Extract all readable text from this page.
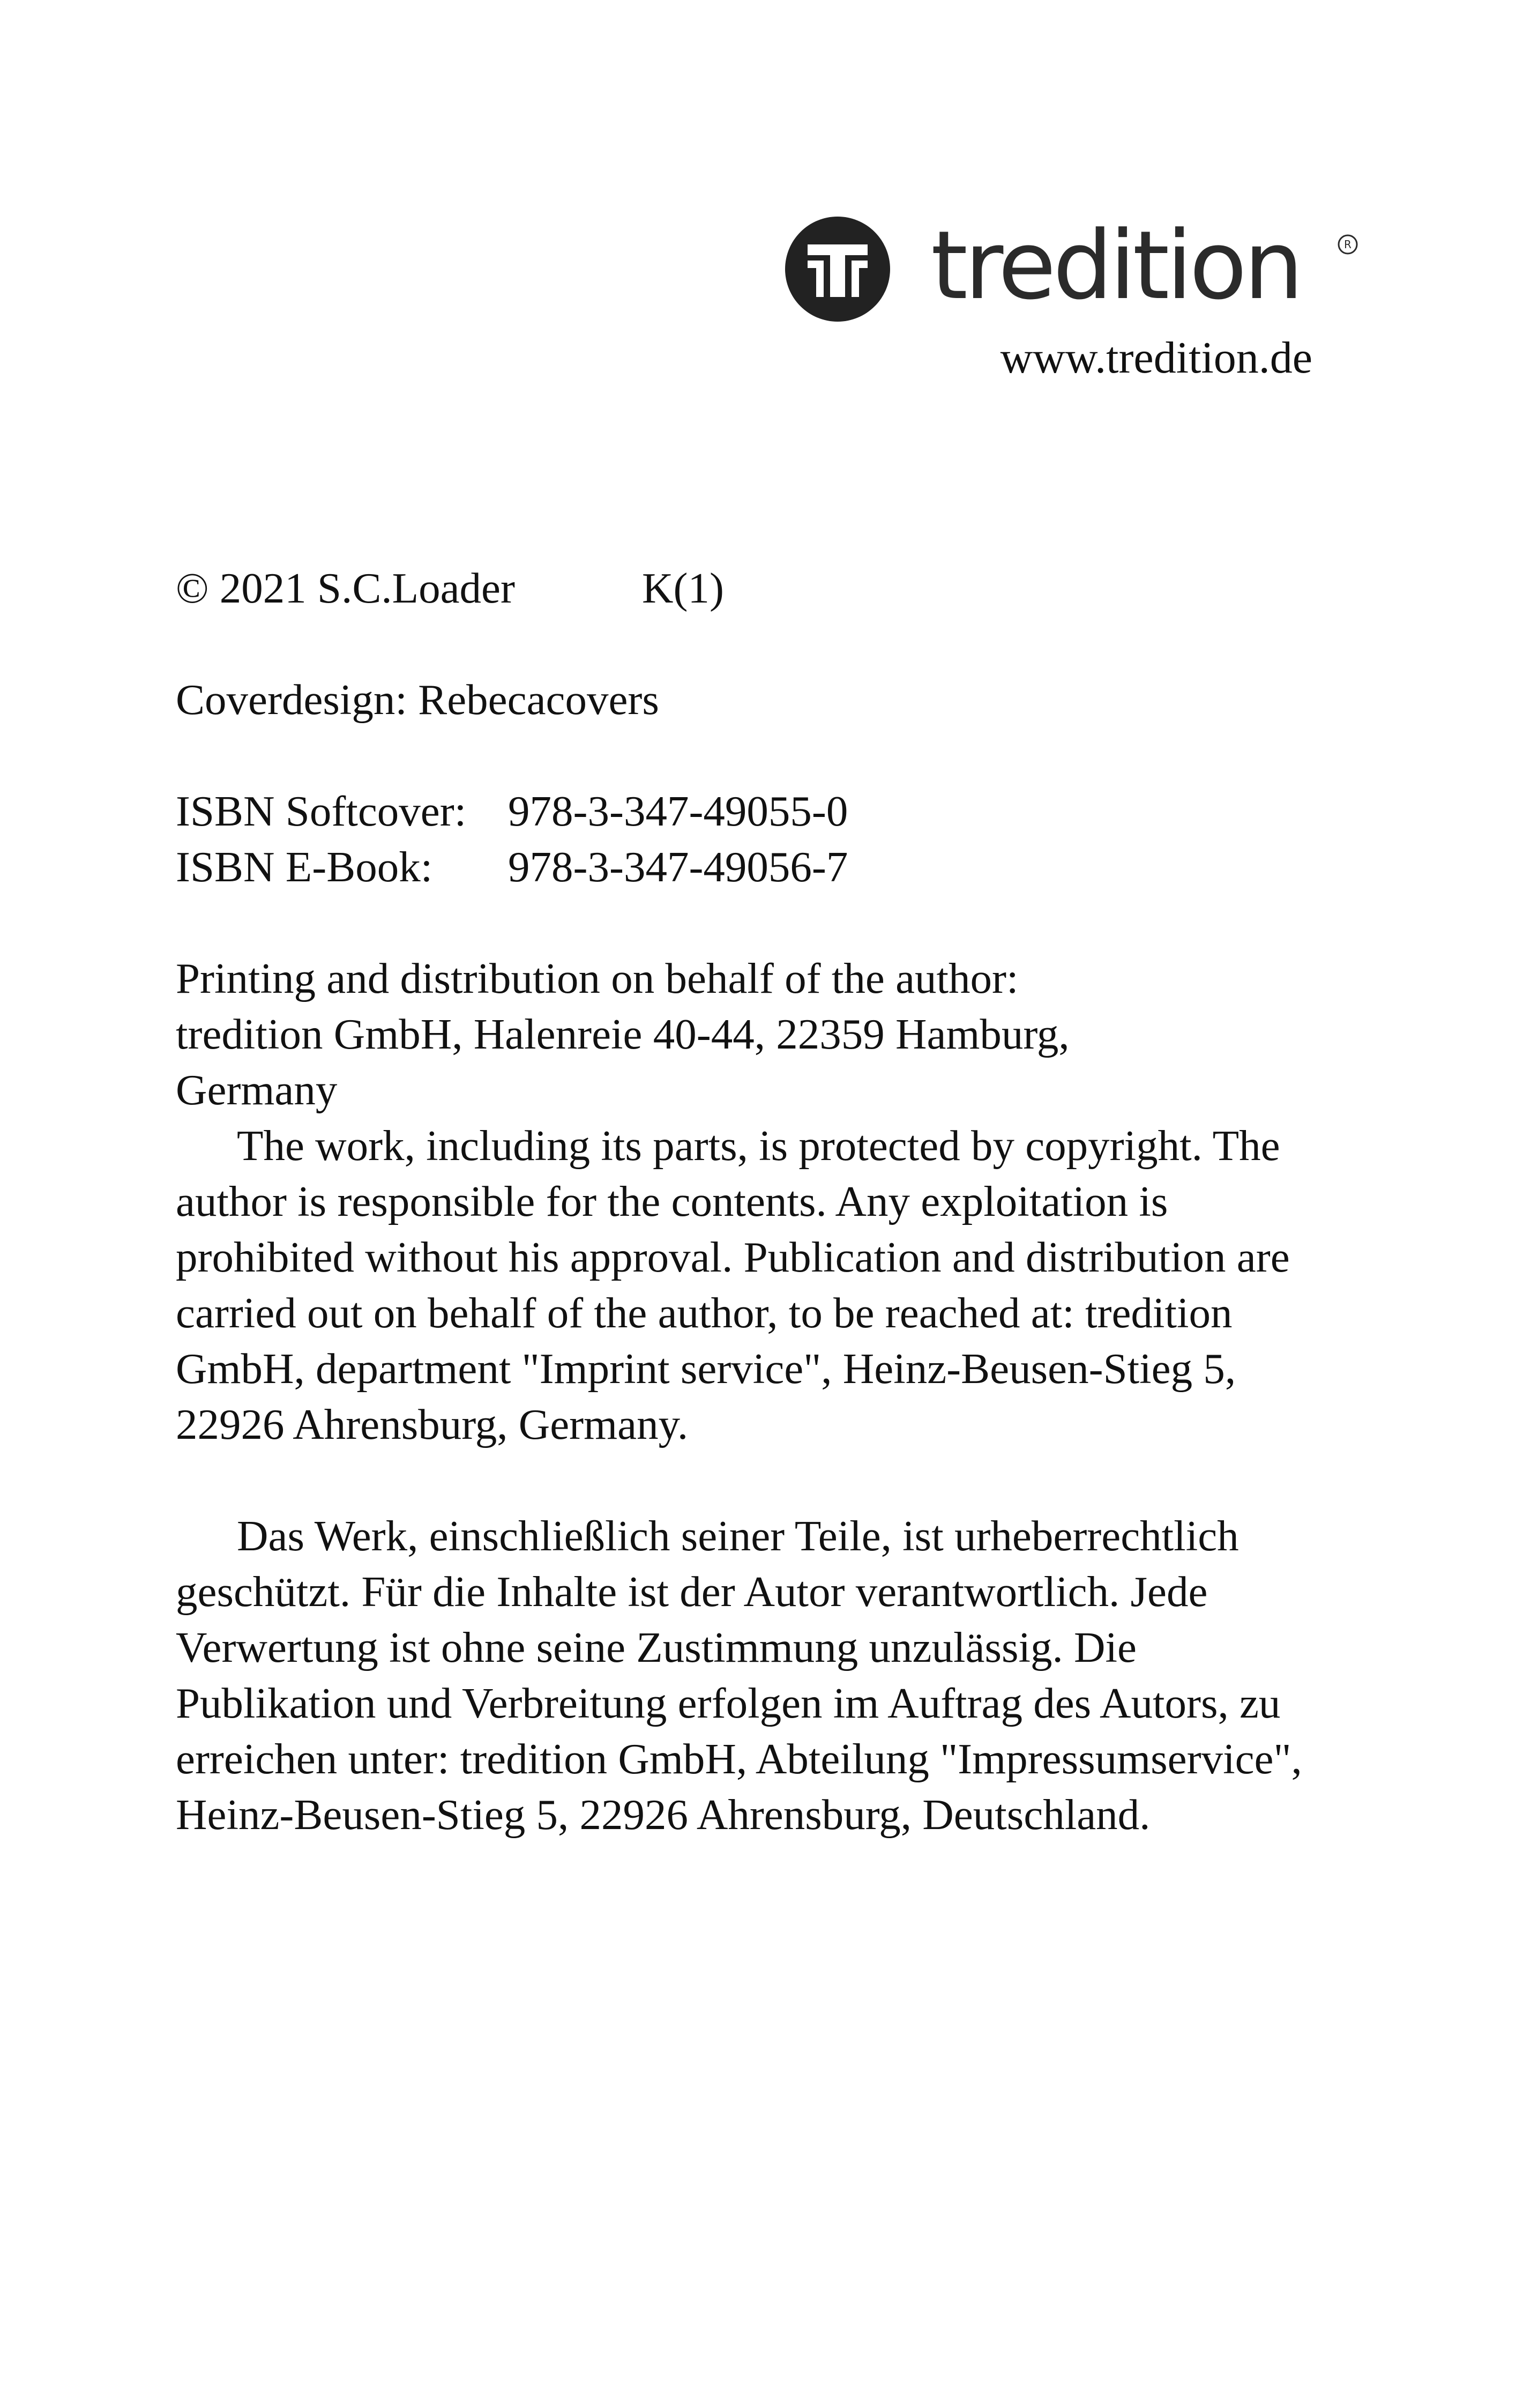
tredition	R
www.tredition.de
© 2021 S.C.Loader	K(1)
Coverdesign: Rebecacovers
ISBN Softcover: 978-3-347-49055-0
ISBN E-Book: 978-3-347-49056-7
Printing and distribution on behalf of the author:
tredition GmbH, Halenreie 40-44, 22359 Hamburg,
Germany
The work, including its parts, is protected by copyright. The author is responsible for the contents. Any exploitation is prohibited without his approval. Publication and distribution are carried out on behalf of the author, to be reached at: tredition GmbH, department "Imprint service", Heinz-Beusen-Stieg 5, 22926 Ahrensburg, Germany.
Das Werk, einschließlich seiner Teile, ist urheberrechtlich geschützt. Für die Inhalte ist der Autor verantwortlich. Jede Verwertung ist ohne seine Zustimmung unzulässig. Die Publikation und Verbreitung erfolgen im Auftrag des Autors, zu erreichen unter: tredition GmbH, Abteilung "Impressumservice", Heinz-Beusen-Stieg 5, 22926 Ahrensburg, Deutschland.
